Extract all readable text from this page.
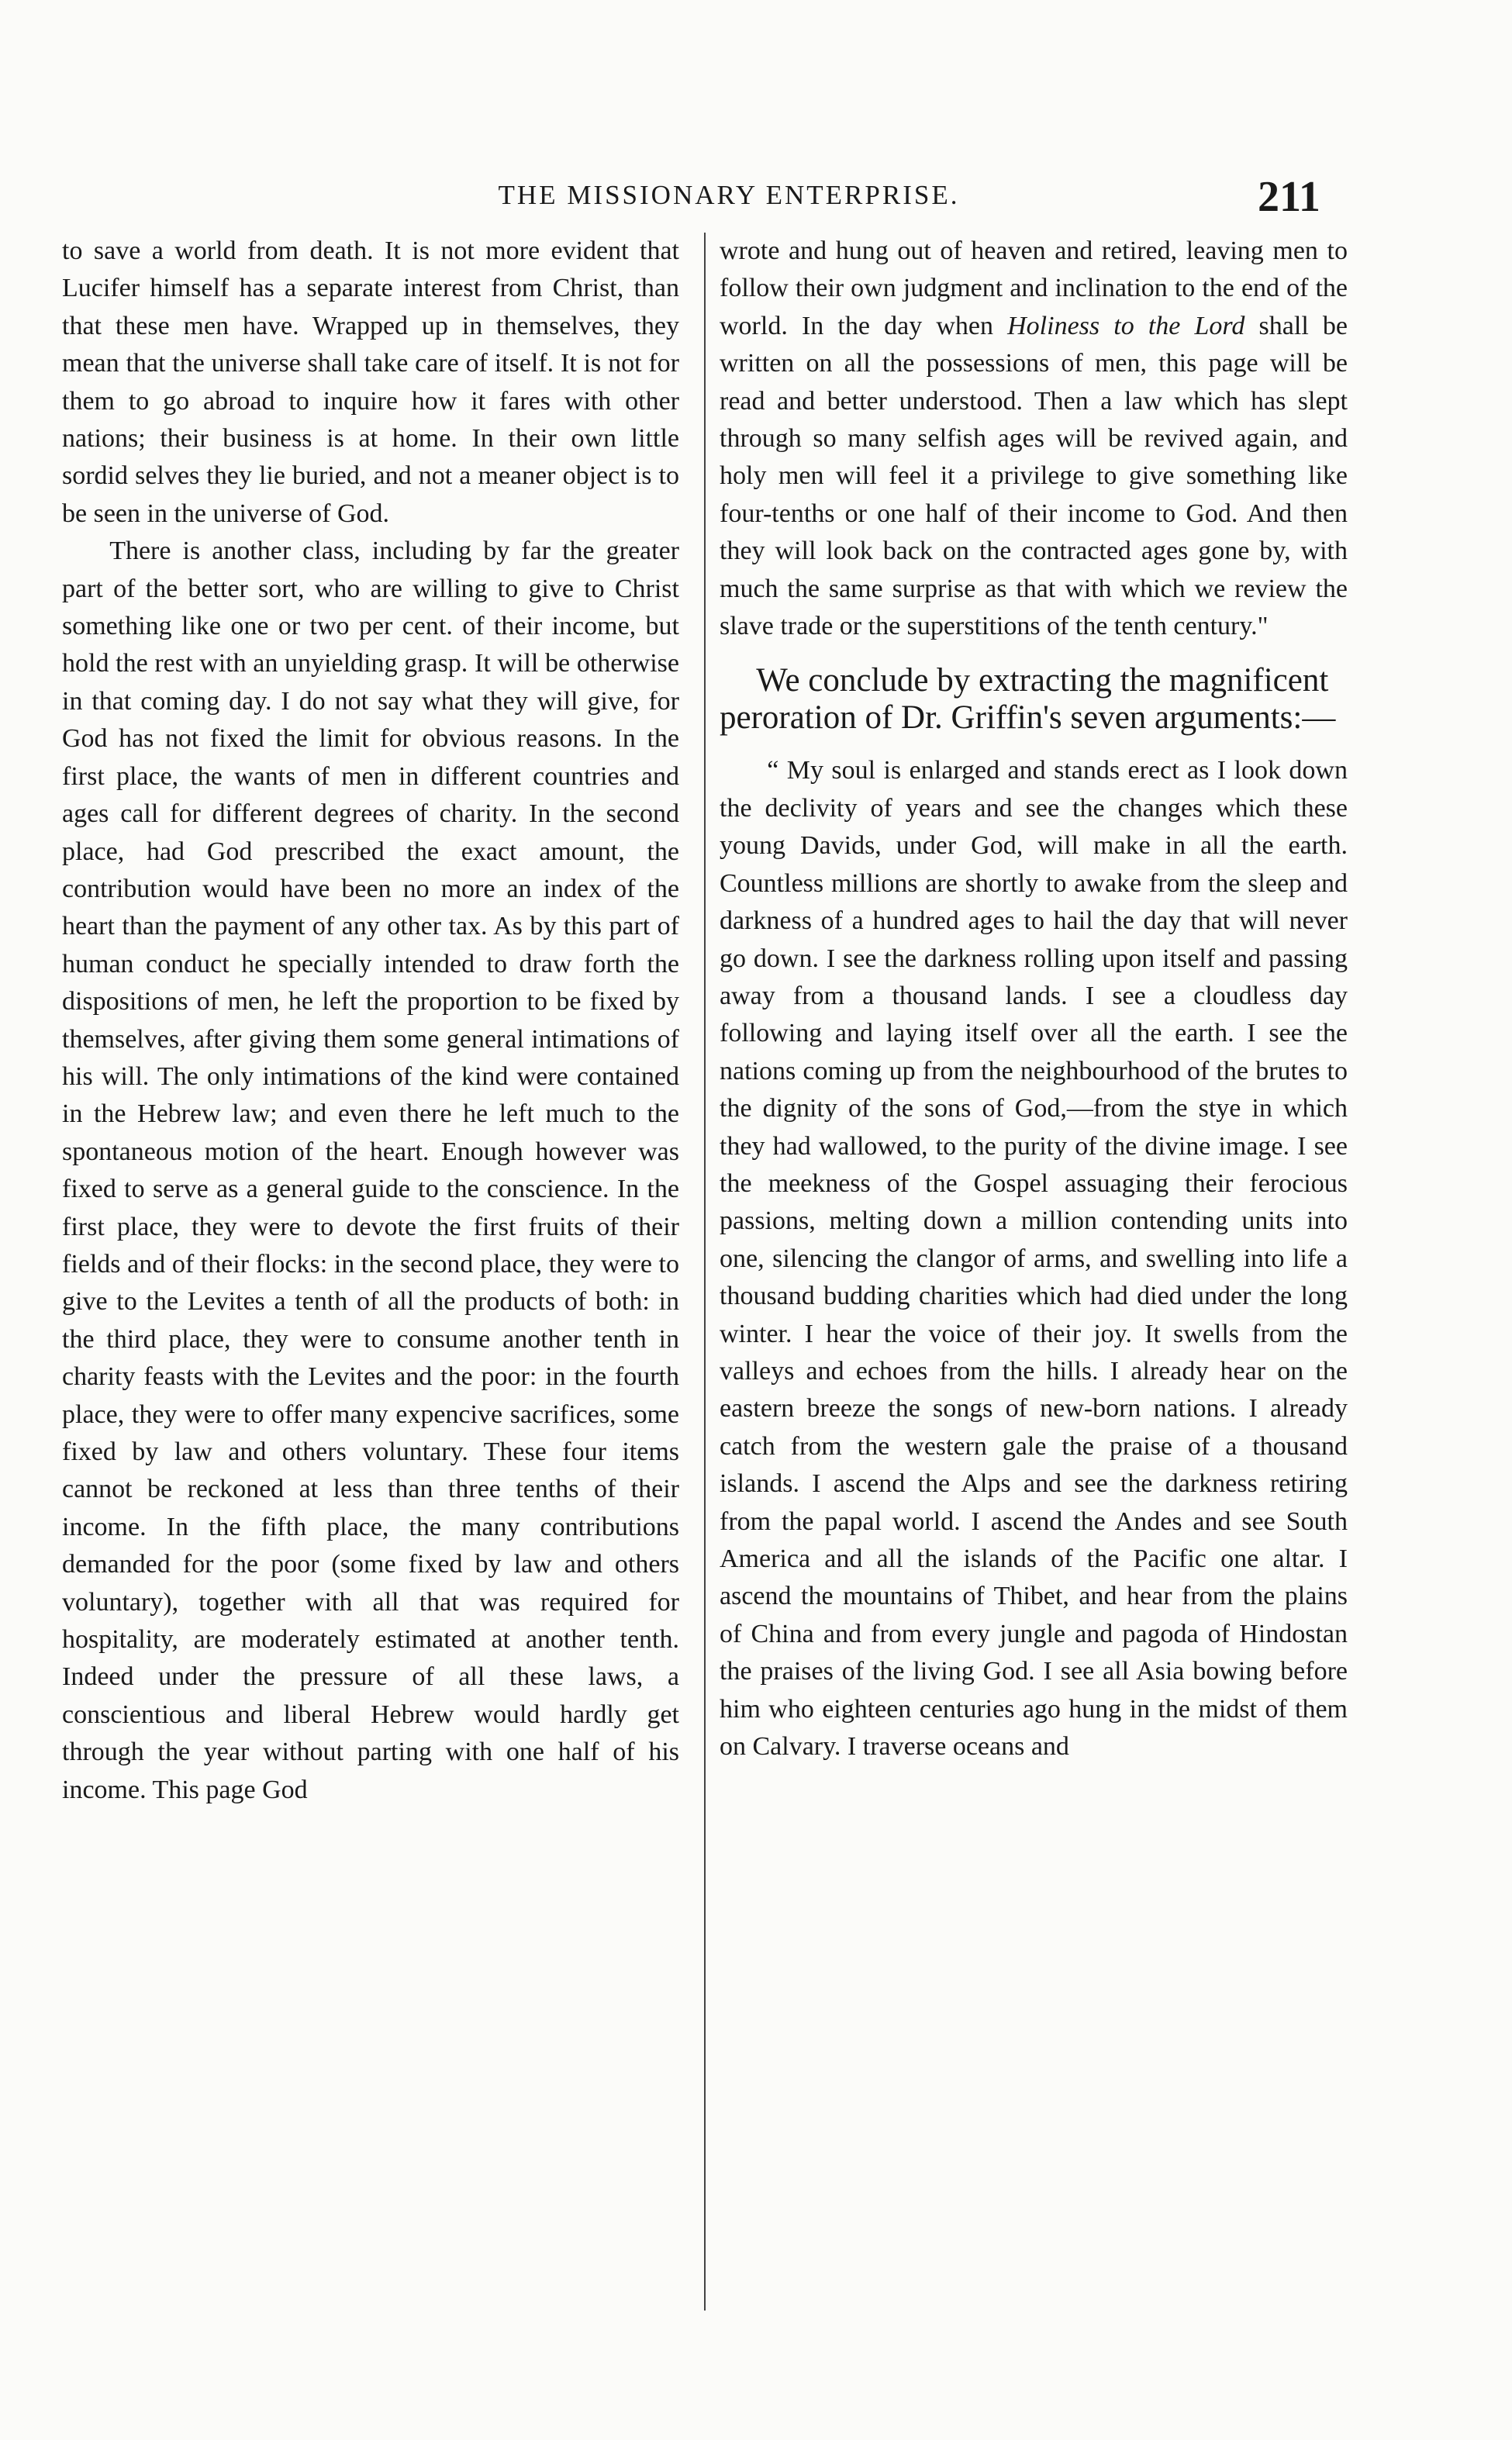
THE MISSIONARY ENTERPRISE.	211

to save a world from death. It is not more evident that Lucifer himself has a separate interest from Christ, than that these men have. Wrapped up in themselves, they mean that the universe shall take care of itself. It is not for them to go abroad to inquire how it fares with other nations; their business is at home. In their own little sordid selves they lie buried, and not a meaner object is to be seen in the universe of God.

There is another class, including by far the greater part of the better sort, who are willing to give to Christ something like one or two per cent. of their income, but hold the rest with an unyielding grasp. It will be otherwise in that coming day. I do not say what they will give, for God has not fixed the limit for obvious reasons. In the first place, the wants of men in different countries and ages call for different degrees of charity. In the second place, had God prescribed the exact amount, the contribution would have been no more an index of the heart than the payment of any other tax. As by this part of human conduct he specially intended to draw forth the dispositions of men, he left the proportion to be fixed by themselves, after giving them some general intimations of his will. The only intimations of the kind were contained in the Hebrew law; and even there he left much to the spontaneous motion of the heart. Enough however was fixed to serve as a general guide to the conscience. In the first place, they were to devote the first fruits of their fields and of their flocks: in the second place, they were to give to the Levites a tenth of all the products of both: in the third place, they were to consume another tenth in charity feasts with the Levites and the poor: in the fourth place, they were to offer many expencive sacrifices, some fixed by law and others voluntary. These four items cannot be reckoned at less than three tenths of their income. In the fifth place, the many contributions demanded for the poor (some fixed by law and others voluntary), together with all that was required for hospitality, are moderately estimated at another tenth. Indeed under the pressure of all these laws, a conscientious and liberal Hebrew would hardly get through the year without parting with one half of his income. This page God

wrote and hung out of heaven and retired, leaving men to follow their own judgment and inclination to the end of the world. In the day when Holiness to the Lord shall be written on all the possessions of men, this page will be read and better understood. Then a law which has slept through so many selfish ages will be revived again, and holy men will feel it a privilege to give something like four-tenths or one half of their income to God. And then they will look back on the contracted ages gone by, with much the same surprise as that with which we review the slave trade or the superstitions of the tenth century."

We conclude by extracting the magnificent peroration of Dr. Griffin's seven arguments:—

“ My soul is enlarged and stands erect as I look down the declivity of years and see the changes which these young Davids, under God, will make in all the earth. Countless millions are shortly to awake from the sleep and darkness of a hundred ages to hail the day that will never go down. I see the darkness rolling upon itself and passing away from a thousand lands. I see a cloudless day following and laying itself over all the earth. I see the nations coming up from the neighbourhood of the brutes to the dignity of the sons of God,—from the stye in which they had wallowed, to the purity of the divine image. I see the meekness of the Gospel assuaging their ferocious passions, melting down a million contending units into one, silencing the clangor of arms, and swelling into life a thousand budding charities which had died under the long winter. I hear the voice of their joy. It swells from the valleys and echoes from the hills. I already hear on the eastern breeze the songs of new-born nations. I already catch from the western gale the praise of a thousand islands. I ascend the Alps and see the darkness retiring from the papal world. I ascend the Andes and see South America and all the islands of the Pacific one altar. I ascend the mountains of Thibet, and hear from the plains of China and from every jungle and pagoda of Hindostan the praises of the living God. I see all Asia bowing before him who eighteen centuries ago hung in the midst of them on Calvary. I traverse oceans and
